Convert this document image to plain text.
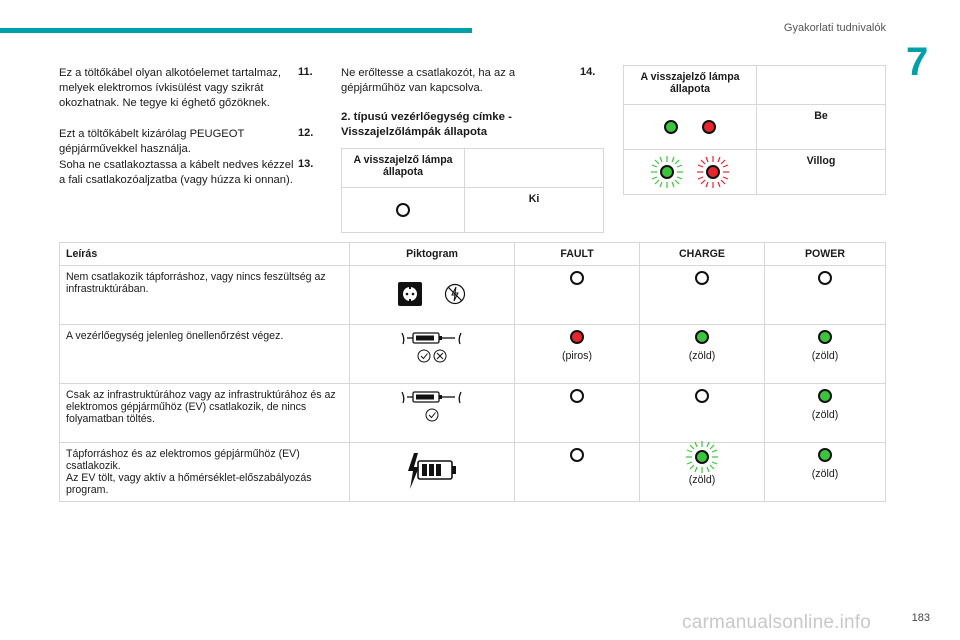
Gyakorlati tudnivalók
7
Ez a töltőkábel olyan alkotóelemet tartalmaz, melyek elektromos ívkisülést vagy szikrát okozhatnak. Ne tegye ki éghető gőzöknek.
11.
Ezt a töltőkábelt kizárólag PEUGEOT gépjárművekkel használja.
12.
Soha ne csatlakoztassa a kábelt nedves kézzel a fali csatlakozóaljzatba (vagy húzza ki onnan).
13.
Ne erőltesse a csatlakozót, ha az a gépjárműhöz van kapcsolva.
14.
2. típusú vezérlőegység címke - Visszajelzőlámpák állapota
A visszajelző lámpa állapota	
	Ki
A visszajelző lámpa állapota	
	Be

	Villog
Leírás	Piktogram	FAULT	CHARGE	POWER
Nem csatlakozik tápforráshoz, vagy nincs feszültség az infrastruktúrában.				
A vezérlőegység jelenleg önellenőrzést végez.		(piros)	(zöld)	(zöld)

Csak az infrastruktúrához vagy az infrastruktúrához és az elektromos gépjárműhöz (EV) csatlakozik, de nincs folyamatban töltés.				(zöld)

Tápforráshoz és az elektromos gépjárműhöz (EV) csatlakozik.
Az EV tölt, vagy aktív a hőmérséklet-előszabályozás program.			(zöld)	(zöld)
carmanualsonline.info	183
